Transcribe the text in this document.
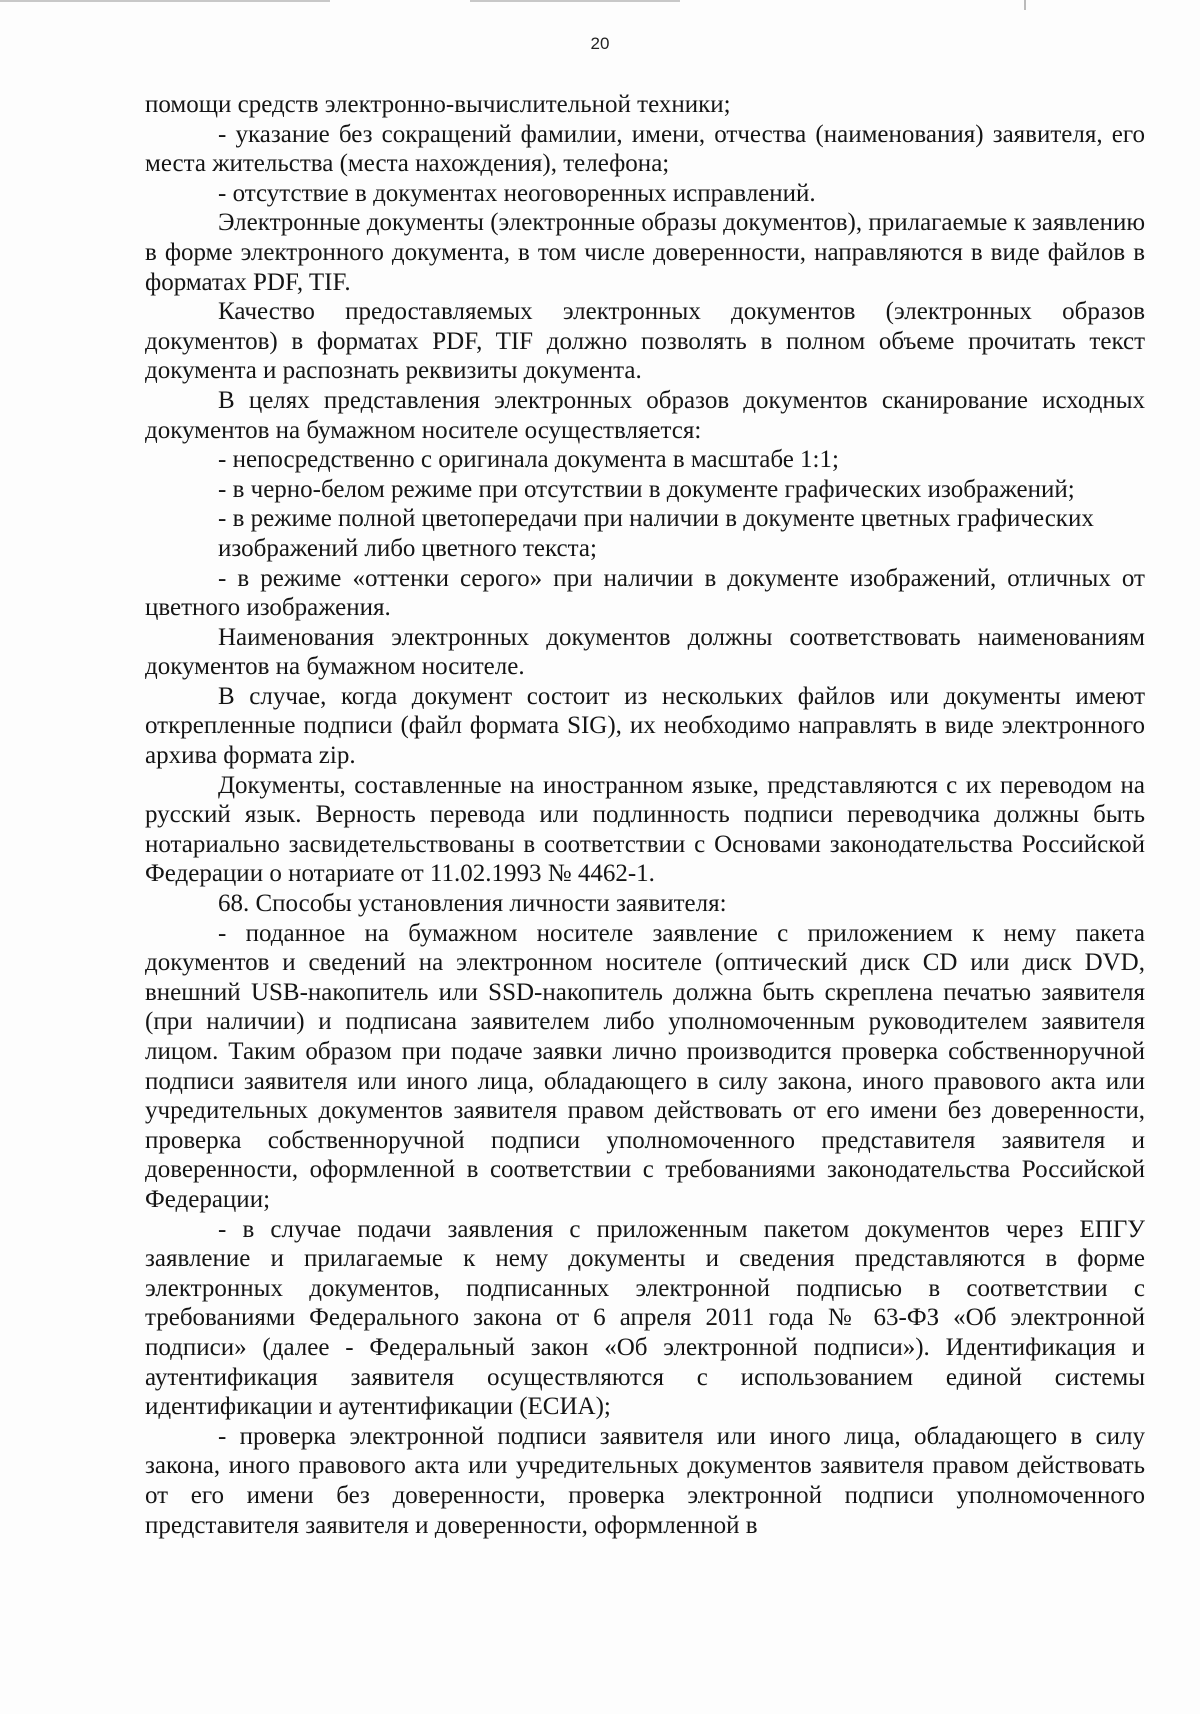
20

помощи средств электронно-вычислительной техники;

- указание без сокращений фамилии, имени, отчества (наименования) заявителя, его места жительства (места нахождения), телефона;

- отсутствие в документах неоговоренных исправлений.

Электронные документы (электронные образы документов), прилагаемые к заявлению в форме электронного документа, в том числе доверенности, направляются в виде файлов в форматах PDF, TIF.

Качество предоставляемых электронных документов (электронных образов документов) в форматах PDF, TIF должно позволять в полном объеме прочитать текст документа и распознать реквизиты документа.

В целях представления электронных образов документов сканирование исходных документов на бумажном носителе осуществляется:

- непосредственно с оригинала документа в масштабе 1:1;

- в черно-белом режиме при отсутствии в документе графических изображений;

- в режиме полной цветопередачи при наличии в документе цветных графических изображений либо цветного текста;

- в режиме «оттенки серого» при наличии в документе изображений, отличных от цветного изображения.

Наименования электронных документов должны соответствовать наименованиям документов на бумажном носителе.

В случае, когда документ состоит из нескольких файлов или документы имеют открепленные подписи (файл формата SIG), их необходимо направлять в виде электронного архива формата zip.

Документы, составленные на иностранном языке, представляются с их переводом на русский язык. Верность перевода или подлинность подписи переводчика должны быть нотариально засвидетельствованы в соответствии с Основами законодательства Российской Федерации о нотариате от 11.02.1993 № 4462-1.

68. Способы установления личности заявителя:

- поданное на бумажном носителе заявление с приложением к нему пакета документов и сведений на электронном носителе (оптический диск CD или диск DVD, внешний USB-накопитель или SSD-накопитель должна быть скреплена печатью заявителя (при наличии) и подписана заявителем либо уполномоченным руководителем заявителя лицом. Таким образом при подаче заявки лично производится проверка собственноручной подписи заявителя или иного лица, обладающего в силу закона, иного правового акта или учредительных документов заявителя правом действовать от его имени без доверенности, проверка собственноручной подписи уполномоченного представителя заявителя и доверенности, оформленной в соответствии с требованиями законодательства Российской Федерации;

- в случае подачи заявления с приложенным пакетом документов через ЕПГУ заявление и прилагаемые к нему документы и сведения представляются в форме электронных документов, подписанных электронной подписью в соответствии с требованиями Федерального закона от 6 апреля 2011 года № 63-ФЗ «Об электронной подписи» (далее - Федеральный закон «Об электронной подписи»). Идентификация и аутентификация заявителя осуществляются с использованием единой системы идентификации и аутентификации (ЕСИА);

- проверка электронной подписи заявителя или иного лица, обладающего в силу закона, иного правового акта или учредительных документов заявителя правом действовать от его имени без доверенности, проверка электронной подписи уполномоченного представителя заявителя и доверенности, оформленной в
